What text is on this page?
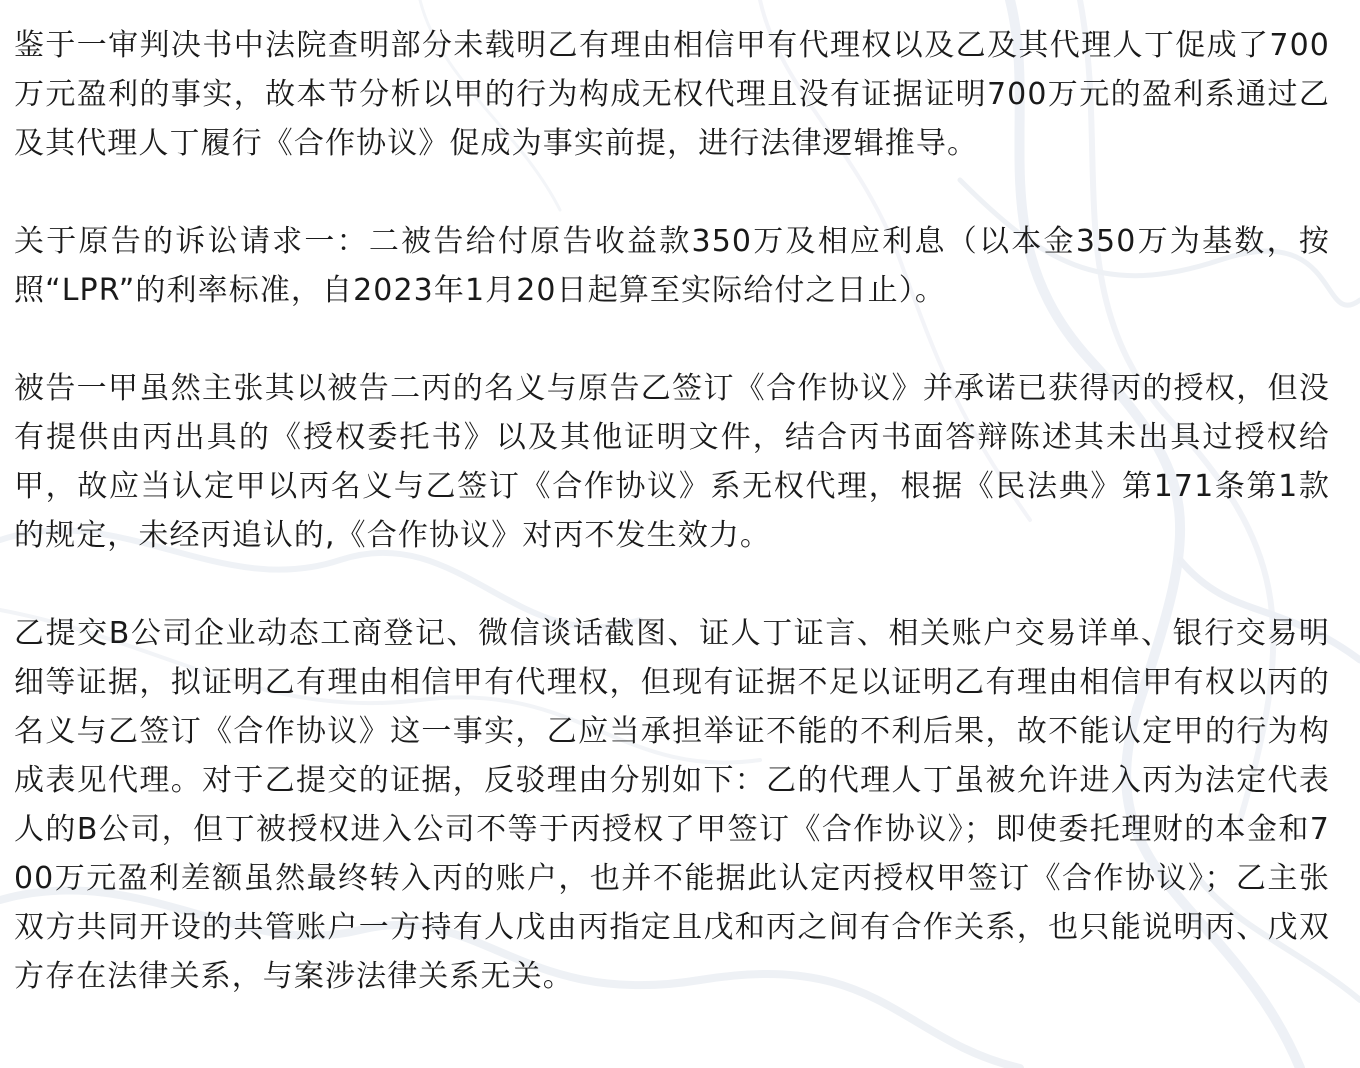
鉴于一审判决书中法院查明部分未载明乙有理由相信甲有代理权以及乙及其代理人丁促成了700万元盈利的事实，故本节分析以甲的行为构成无权代理且没有证据证明700万元的盈利系通过乙及其代理人丁履行《合作协议》促成为事实前提，进行法律逻辑推导。

关于原告的诉讼请求一：二被告给付原告收益款350万及相应利息（以本金350万为基数，按照“LPR”的利率标准，自2023年1月20日起算至实际给付之日止）。

被告一甲虽然主张其以被告二丙的名义与原告乙签订《合作协议》并承诺已获得丙的授权，但没有提供由丙出具的《授权委托书》以及其他证明文件，结合丙书面答辩陈述其未出具过授权给甲，故应当认定甲以丙名义与乙签订《合作协议》系无权代理，根据《民法典》第171条第1款的规定，未经丙追认的,《合作协议》对丙不发生效力。

乙提交B公司企业动态工商登记、微信谈话截图、证人丁证言、相关账户交易详单、银行交易明细等证据，拟证明乙有理由相信甲有代理权，但现有证据不足以证明乙有理由相信甲有权以丙的名义与乙签订《合作协议》这一事实，乙应当承担举证不能的不利后果，故不能认定甲的行为构成表见代理。对于乙提交的证据，反驳理由分别如下：乙的代理人丁虽被允许进入丙为法定代表人的B公司，但丁被授权进入公司不等于丙授权了甲签订《合作协议》；即使委托理财的本金和700万元盈利差额虽然最终转入丙的账户，也并不能据此认定丙授权甲签订《合作协议》；乙主张双方共同开设的共管账户一方持有人戊由丙指定且戊和丙之间有合作关系，也只能说明丙、戊双方存在法律关系，与案涉法律关系无关。
